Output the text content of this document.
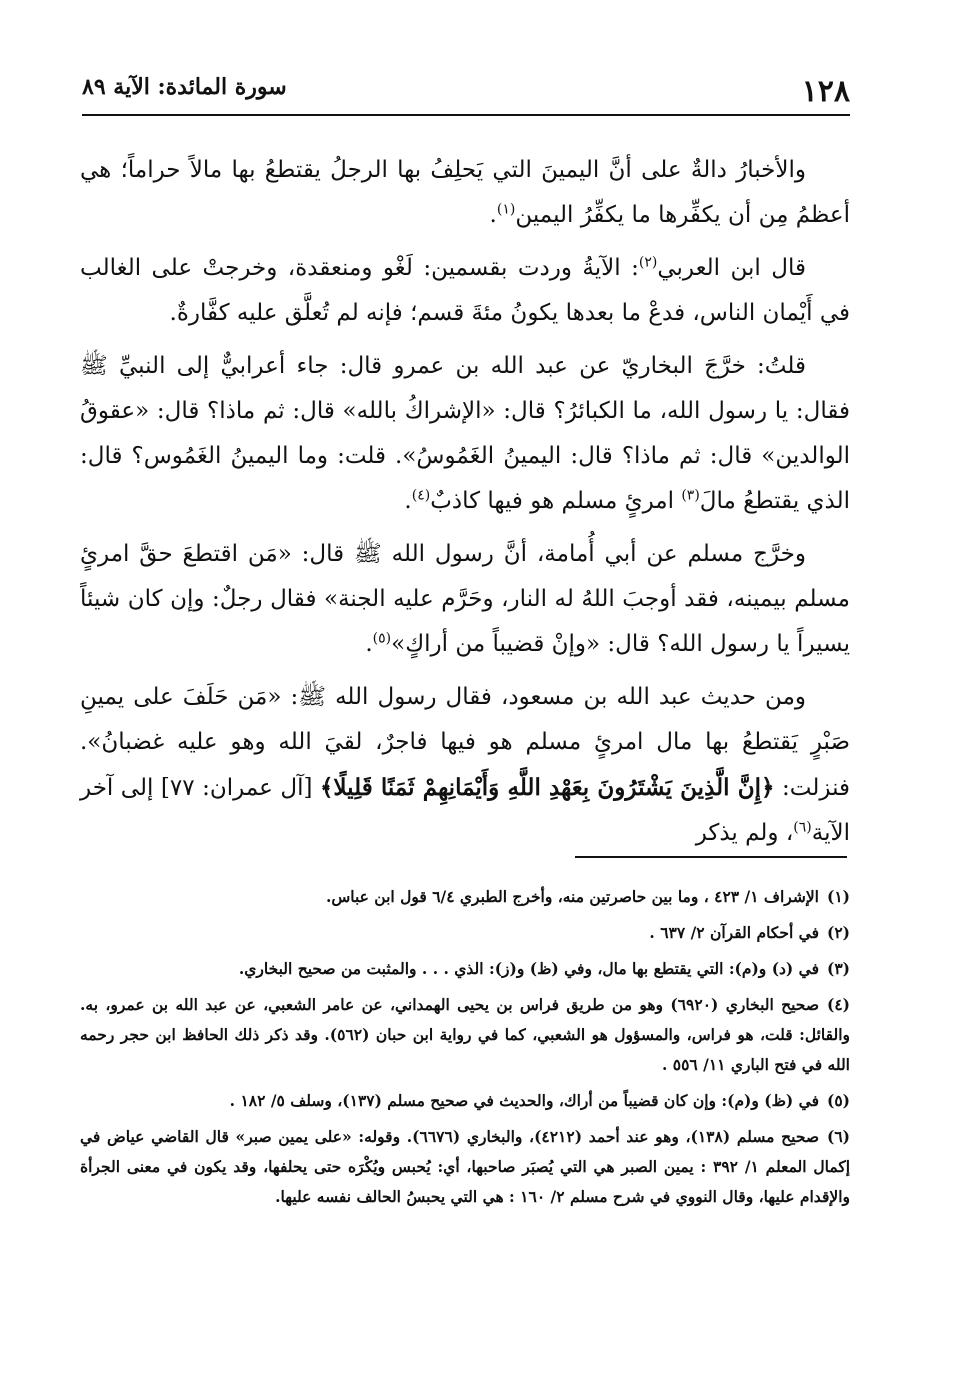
١٢٨
سورة المائدة: الآية ٨٩

والأخبارُ دالةٌ على أنَّ اليمينَ التي يَحلِفُ بها الرجلُ يقتطعُ بها مالاً حراماً؛ هي أعظمُ مِن أن يكفِّرها ما يكفِّرُ اليمين$^{(١)}$.

قال ابن العربي$^{(٢)}$: الآيةُ وردت بقسمين: لَغْو ومنعقدة، وخرجتْ على الغالب في أَيْمان الناس، فدعْ ما بعدها يكونُ مئةَ قسم؛ فإنه لم تُعلَّق عليه كفَّارةٌ.

قلتُ: خرَّجَ البخاريّ عن عبد الله بن عمرو قال: جاء أعرابيٌّ إلى النبيِّ ﷺ فقال: يا رسول الله، ما الكبائرُ؟ قال: «الإشراكُ بالله» قال: ثم ماذا؟ قال: «عقوقُ الوالدين» قال: ثم ماذا؟ قال: اليمينُ الغَمُوسُ». قلت: وما اليمينُ الغَمُوس؟ قال: الذي يقتطعُ مالَ$^{(٣)}$ امرئٍ مسلم هو فيها كاذبٌ$^{(٤)}$.

وخرَّج مسلم عن أبي أُمامة، أنَّ رسول الله ﷺ قال: «مَن اقتطعَ حقَّ امرئٍ مسلم بيمينه، فقد أوجبَ اللهُ له النار، وحَرَّم عليه الجنة» فقال رجلٌ: وإن كان شيئاً يسيراً يا رسول الله؟ قال: «وإنْ قضيباً من أراكٍ»$^{(٥)}$.

ومن حديث عبد الله بن مسعود، فقال رسول الله ﷺ: «مَن حَلَفَ على يمينِ صَبْرٍ يَقتطعُ بها مال امرئٍ مسلم هو فيها فاجرٌ، لقيَ الله وهو عليه غضبانُ». فنزلت: ﴿إِنَّ الَّذِينَ يَشْتَرُونَ بِعَهْدِ اللَّهِ وَأَيْمَانِهِمْ ثَمَنًا قَلِيلًا﴾ [آل عمران: ٧٧] إلى آخر الآية$^{(٦)}$، ولم يذكر

(١)الإشراف ١/ ٤٢٣ ، وما بين حاصرتين منه، وأخرج الطبري ٦/٤ قول ابن عباس.

(٢)في أحكام القرآن ٢/ ٦٣٧ .

(٣)في (د) و(م): التي يقتطع بها مال، وفي (ظ) و(ز): الذي . . . والمثبت من صحيح البخاري.

(٤)صحيح البخاري (٦٩٢٠) وهو من طريق فراس بن يحيى الهمداني، عن عامر الشعبي، عن عبد الله بن عمرو، به. والقائل: قلت، هو فراس، والمسؤول هو الشعبي، كما في رواية ابن حبان (٥٦٢). وقد ذكر ذلك الحافظ ابن حجر رحمه الله في فتح الباري ١١/ ٥٥٦ .

(٥)في (ظ) و(م): وإن كان قضيباً من أراك، والحديث في صحيح مسلم (١٣٧)، وسلف ٥/ ١٨٢ .

(٦)صحيح مسلم (١٣٨)، وهو عند أحمد (٤٢١٢)، والبخاري (٦٦٧٦). وقوله: «على يمين صبر» قال القاضي عياض في إكمال المعلم ١/ ٣٩٢ : يمين الصبر هي التي يُصبَر صاحبها، أي: يُحبس ويُكْرَه حتى يحلفها، وقد يكون في معنى الجرأة والإقدام عليها، وقال النووي في شرح مسلم ٢/ ١٦٠ : هي التي يحبسُ الحالف نفسه عليها.
